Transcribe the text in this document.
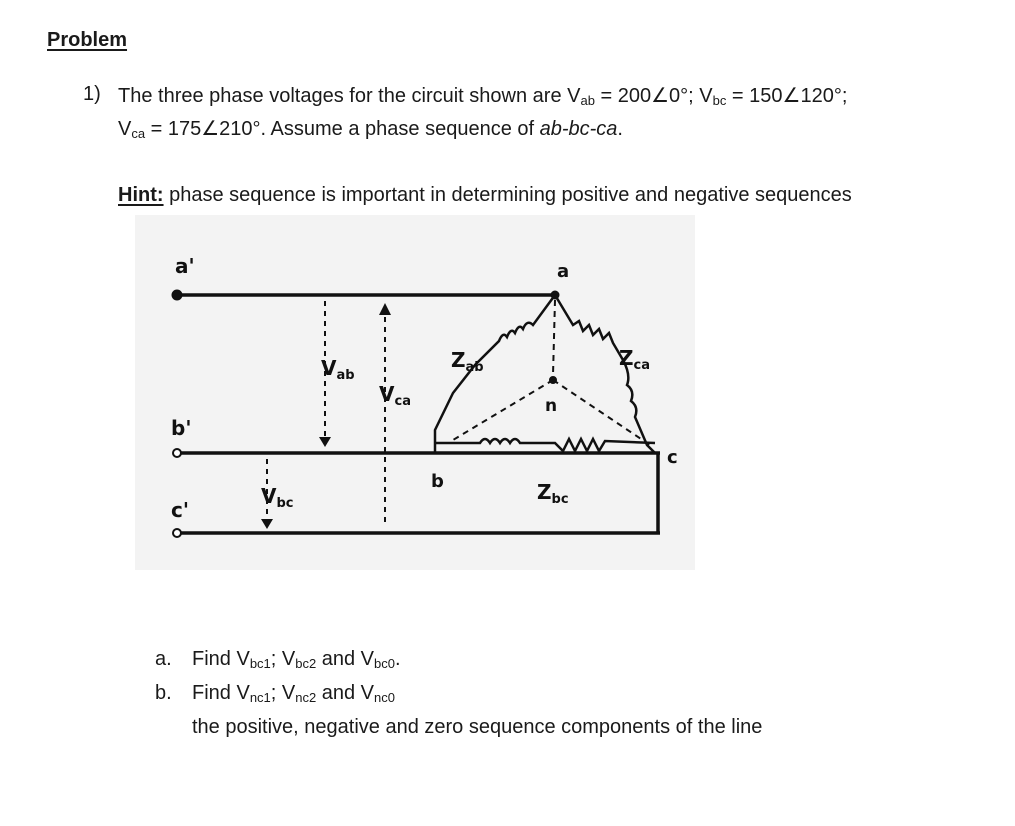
Problem
1) The three phase voltages for the circuit shown are $V_{ab}$ = 200∠0°; $V_{bc}$ = 150∠120°;
$V_{ca}$ = 175∠210°. Assume a phase sequence of ab-bc-ca.
Hint: phase sequence is important in determining positive and negative sequences
a'
b'
c'
a
b
c
n
$V_{ab}$
$V_{ca}$
$V_{bc}$
$Z_{ab}$	$Z_{ca}$
$Z_{bc}$
a. Find $V_{bc1}$; $V_{bc2}$ and $V_{bc0}$.
b. Find $V_{nc1}$; $V_{nc2}$ and $V_{nc0}$
the positive, negative and zero sequence components of the line
